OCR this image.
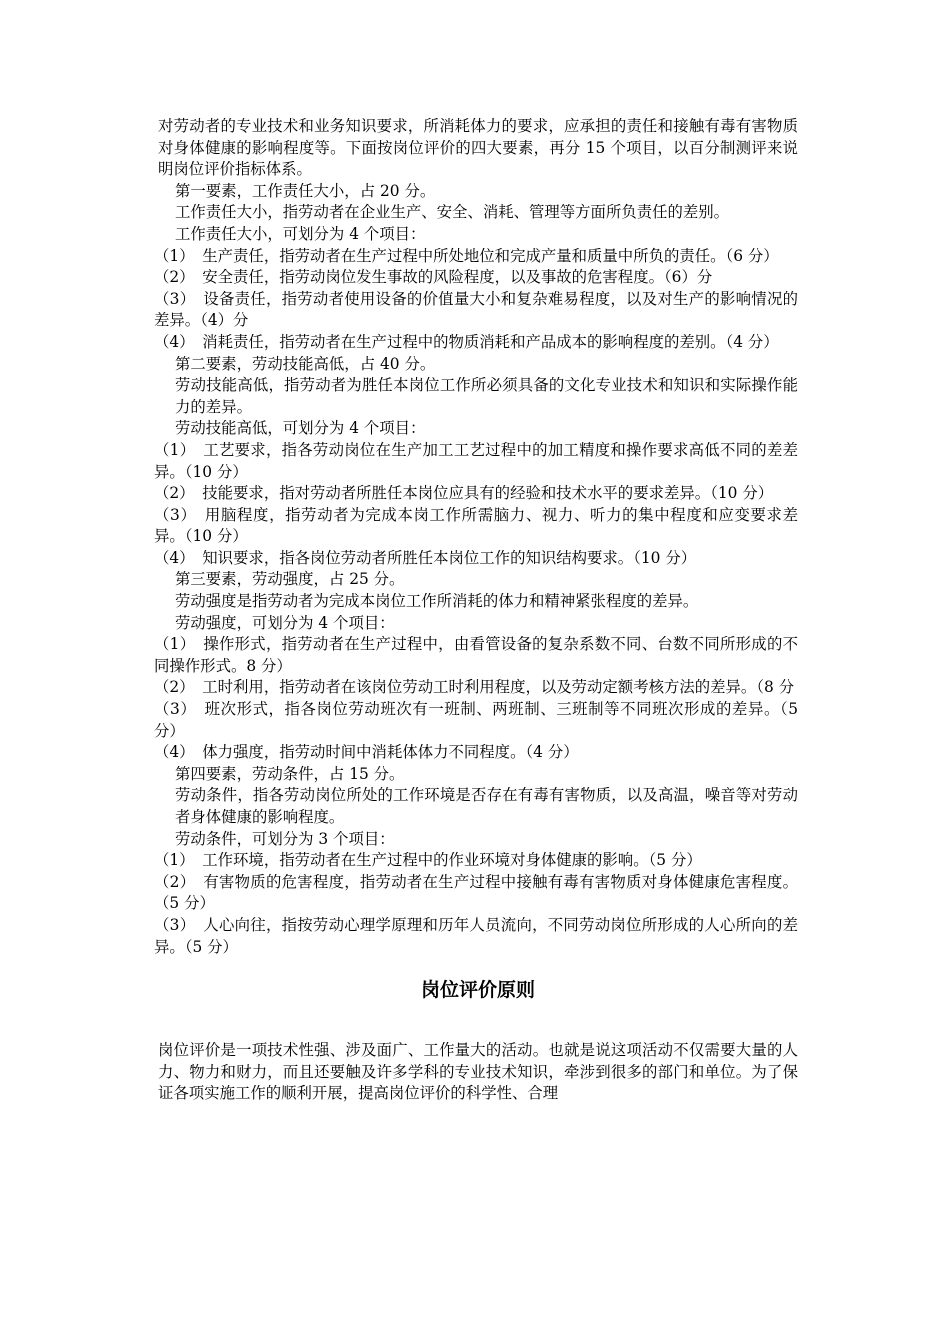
对劳动者的专业技术和业务知识要求，所消耗体力的要求，应承担的责任和接触有毒有害物质对身体健康的影响程度等。下面按岗位评价的四大要素，再分 15 个项目，以百分制测评来说明岗位评价指标体系。

第一要素，工作责任大小，占 20 分。

工作责任大小，指劳动者在企业生产、安全、消耗、管理等方面所负责任的差别。

工作责任大小，可划分为 4 个项目：

（1）　生产责任，指劳动者在生产过程中所处地位和完成产量和质量中所负的责任。（6 分）

（2）　安全责任，指劳动岗位发生事故的风险程度，以及事故的危害程度。（6）分

（3）　设备责任，指劳动者使用设备的价值量大小和复杂难易程度，以及对生产的影响情况的差异。（4）分

（4）　消耗责任，指劳动者在生产过程中的物质消耗和产品成本的影响程度的差别。（4 分）

第二要素，劳动技能高低，占 40 分。

劳动技能高低，指劳动者为胜任本岗位工作所必须具备的文化专业技术和知识和实际操作能力的差异。

劳动技能高低，可划分为 4 个项目：

（1）　工艺要求，指各劳动岗位在生产加工工艺过程中的加工精度和操作要求高低不同的差差异。（10 分）

（2）　技能要求，指对劳动者所胜任本岗位应具有的经验和技术水平的要求差异。（10 分）

（3）　用脑程度，指劳动者为完成本岗工作所需脑力、视力、听力的集中程度和应变要求差异。（10 分）

（4）　知识要求，指各岗位劳动者所胜任本岗位工作的知识结构要求。（10 分）

第三要素，劳动强度，占 25 分。

劳动强度是指劳动者为完成本岗位工作所消耗的体力和精神紧张程度的差异。

劳动强度，可划分为 4 个项目：

（1）　操作形式，指劳动者在生产过程中，由看管设备的复杂系数不同、台数不同所形成的不同操作形式。8 分）

（2）　工时利用，指劳动者在该岗位劳动工时利用程度，以及劳动定额考核方法的差异。（8 分

（3）　班次形式，指各岗位劳动班次有一班制、两班制、三班制等不同班次形成的差异。（5 分）

（4）　体力强度，指劳动时间中消耗体体力不同程度。（4 分）

第四要素，劳动条件，占 15 分。

劳动条件，指各劳动岗位所处的工作环境是否存在有毒有害物质，以及高温，噪音等对劳动者身体健康的影响程度。

劳动条件，可划分为 3 个项目：

（1）　工作环境，指劳动者在生产过程中的作业环境对身体健康的影响。（5 分）

（2）　有害物质的危害程度，指劳动者在生产过程中接触有毒有害物质对身体健康危害程度。（5 分）

（3）　人心向往，指按劳动心理学原理和历年人员流向，不同劳动岗位所形成的人心所向的差异。（5 分）

岗位评价原则

岗位评价是一项技术性强、涉及面广、工作量大的活动。也就是说这项活动不仅需要大量的人力、物力和财力，而且还要触及许多学科的专业技术知识，牵涉到很多的部门和单位。为了保证各项实施工作的顺利开展，提高岗位评价的科学性、合理
